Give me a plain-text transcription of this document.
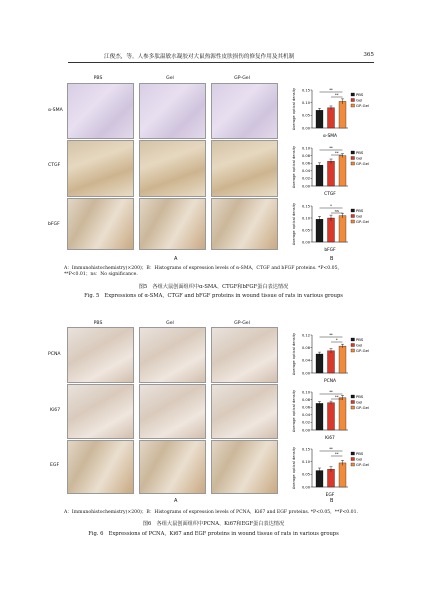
江俊杰，等。人参多肽温敏水凝胶对大鼠热源性皮肤损伤的修复作用及其机制	365
PBS	Gel	GP-Gel
α-SMA
CTGF
bFGF
0.00
0.05
0.10
0.15
Average optical density	**
**
α-SMA
PBS
Gel
GP-Gel
0.00
0.02
0.04
0.06
0.08
0.10
Average optical density	**
**
CTGF
PBS
Gel
GP-Gel
0.00
0.05
0.10
0.15
Average optical density	*
ns
bFGF
PBS
Gel
GP-Gel
A	B
A：Immunohistochemistry(×200)；B：Histograms of expression levels of α-SMA，CTGF and bFGF proteins. *P<0.05，**P<0.01；ns：No significance.
图5　各组大鼠创面组织中α-SMA、CTGF和bFGF蛋白表达情况
Fig. 5　Expressions of α-SMA，CTGF and bFGF proteins in wound tissue of rats in various groups
PBS	Gel	GP-Gel
PCNA
Ki67
EGF
0.00
0.04
0.08
0.12
Average optical density	**
*
PCNA
PBS
Gel
GP-Gel
0.00
0.02
0.04
0.06
0.08
0.10
Average optical density	**
**
Ki67
PBS
Gel
GP-Gel
0.00
0.05
0.10
0.15
Average optical density	**
**
EGF
PBS
Gel
GP-Gel
A	B
A：Immunohistochemistry(×200)；B：Histograms of expression levels of PCNA，Ki67 and EGF proteins. *P<0.05，**P<0.01.
图6　各组大鼠创面组织中PCNA、Ki67和EGF蛋白表达情况
Fig. 6　Expressions of PCNA，Ki67 and EGF proteins in wound tissue of rats in various groups
